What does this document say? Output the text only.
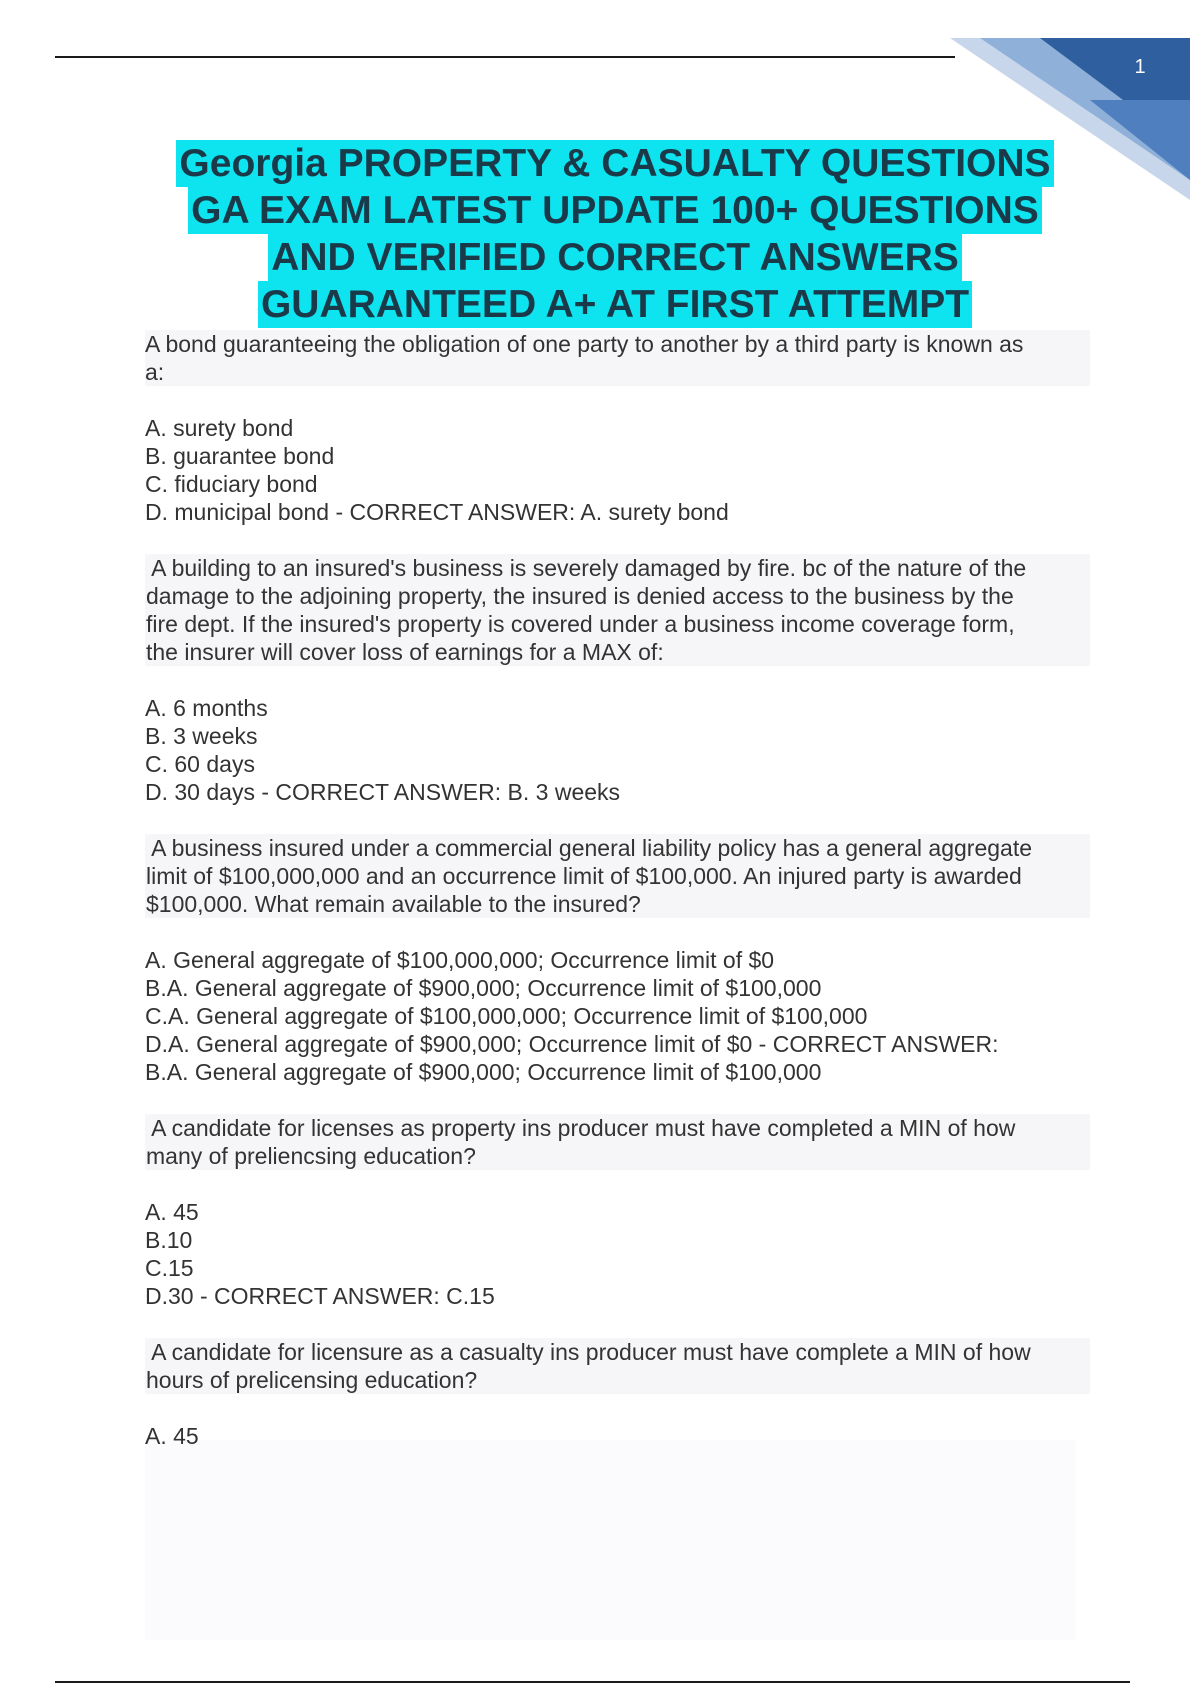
1
Georgia PROPERTY & CASUALTY QUESTIONS
GA EXAM LATEST UPDATE 100+ QUESTIONS
AND VERIFIED CORRECT ANSWERS
GUARANTEED A+ AT FIRST ATTEMPT
A bond guaranteeing the obligation of one party to another by a third party is known as
a:
A. surety bond
B. guarantee bond
C. fiduciary bond
D. municipal bond - CORRECT ANSWER: A. surety bond
A building to an insured's business is severely damaged by fire. bc of the nature of the
damage to the adjoining property, the insured is denied access to the business by the
fire dept. If the insured's property is covered under a business income coverage form,
the insurer will cover loss of earnings for a MAX of:
A. 6 months
B. 3 weeks
C. 60 days
D. 30 days - CORRECT ANSWER: B. 3 weeks
A business insured under a commercial general liability policy has a general aggregate
limit of $100,000,000 and an occurrence limit of $100,000. An injured party is awarded
$100,000. What remain available to the insured?
A. General aggregate of $100,000,000; Occurrence limit of $0
B.A. General aggregate of $900,000; Occurrence limit of $100,000
C.A. General aggregate of $100,000,000; Occurrence limit of $100,000
D.A. General aggregate of $900,000; Occurrence limit of $0 - CORRECT ANSWER:
B.A. General aggregate of $900,000; Occurrence limit of $100,000
A candidate for licenses as property ins producer must have completed a MIN of how
many of preliencsing education?
A. 45
B.10
C.15
D.30 - CORRECT ANSWER: C.15
A candidate for licensure as a casualty ins producer must have complete a MIN of how
hours of prelicensing education?
A. 45
